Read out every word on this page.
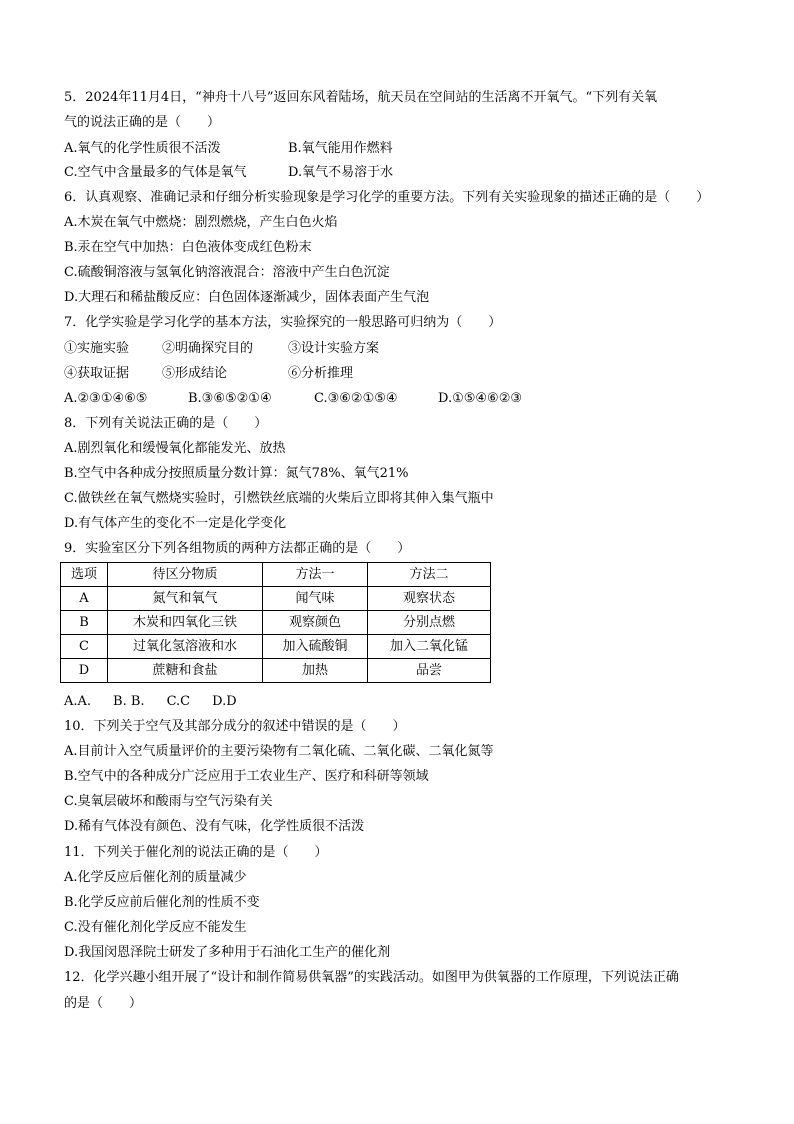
5．2024年11月4日，“神舟十八号”返回东风着陆场，航天员在空间站的生活离不开氧气。“下列有关氧
气的说法正确的是（　　）
A.氧气的化学性质很不活泼	B.氧气能用作燃料
C.空气中含量最多的气体是氧气	D.氧气不易溶于水
6．认真观察、准确记录和仔细分析实验现象是学习化学的重要方法。下列有关实验现象的描述正确的是（　　）
A.木炭在氧气中燃烧：剧烈燃烧，产生白色火焰
B.汞在空气中加热：白色液体变成红色粉末
C.硫酸铜溶液与氢氧化钠溶液混合：溶液中产生白色沉淀
D.大理石和稀盐酸反应：白色固体逐渐减少，固体表面产生气泡
7．化学实验是学习化学的基本方法，实验探究的一般思路可归纳为（　　）
①实施实验	②明确探究目的	③设计实验方案
④获取证据	⑤形成结论	⑥分析推理
A.②③①④⑥⑤	B.③⑥⑤②①④	C.③⑥②①⑤④	D.①⑤④⑥②③
8．下列有关说法正确的是（　　）
A.剧烈氧化和缓慢氧化都能发光、放热
B.空气中各种成分按照质量分数计算：氮气78%、氧气21%
C.做铁丝在氧气燃烧实验时，引燃铁丝底端的火柴后立即将其伸入集气瓶中
D.有气体产生的变化不一定是化学变化
9．实验室区分下列各组物质的两种方法都正确的是（　　）
选项	待区分物质	方法一	方法二
A	氮气和氧气	闻气味	观察状态
B	木炭和四氧化三铁	观察颜色	分别点燃
C	过氧化氢溶液和水	加入硫酸铜	加入二氧化锰
D	蔗糖和食盐	加热	品尝
A.A. B. B. C.C D.D
10．下列关于空气及其部分成分的叙述中错误的是（　　）
A.目前计入空气质量评价的主要污染物有二氧化硫、二氧化碳、二氧化氮等
B.空气中的各种成分广泛应用于工农业生产、医疗和科研等领域
C.臭氧层破坏和酸雨与空气污染有关
D.稀有气体没有颜色、没有气味，化学性质很不活泼
11．下列关于催化剂的说法正确的是（　　）
A.化学反应后催化剂的质量减少
B.化学反应前后催化剂的性质不变
C.没有催化剂化学反应不能发生
D.我国闵恩泽院士研发了多种用于石油化工生产的催化剂
12．化学兴趣小组开展了“设计和制作简易供氧器”的实践活动。如图甲为供氧器的工作原理，下列说法正确
的是（　　）
